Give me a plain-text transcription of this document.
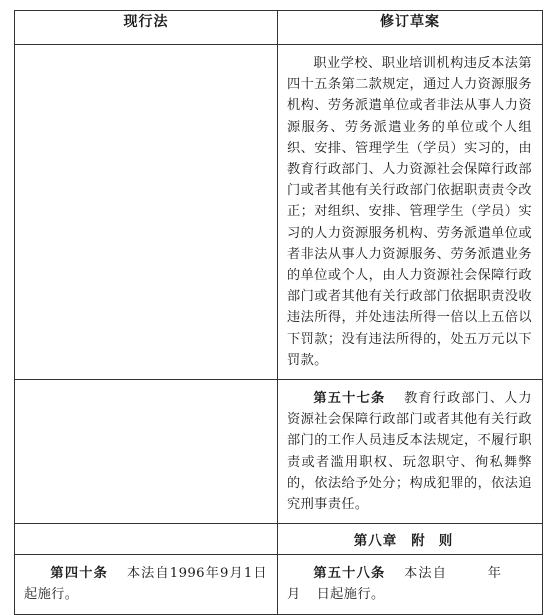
现行法	修订草案

	职业学校、职业培训机构违反本法第四十五条第二款规定，通过人力资源服务机构、劳务派遣单位或者非法从事人力资源服务、劳务派遣业务的单位或个人组织、安排、管理学生（学员）实习的，由教育行政部门、人力资源社会保障行政部门或者其他有关行政部门依据职责责令改正；对组织、安排、管理学生（学员）实习的人力资源服务机构、劳务派遣单位或者非法从事人力资源服务、劳务派遣业务的单位或个人，由人力资源社会保障行政部门或者其他有关行政部门依据职责没收违法所得，并处违法所得一倍以上五倍以下罚款；没有违法所得的，处五万元以下罚款。

	第五十七条 教育行政部门、人力资源社会保障行政部门或者其他有关行政部门的工作人员违反本法规定，不履行职责或者滥用职权、玩忽职守、徇私舞弊的，依法给予处分；构成犯罪的，依法追究刑事责任。

	第八章 附则

第四十条 本法自1996年9月1日起施行。	第五十八条 本法自 年月 日起施行。
